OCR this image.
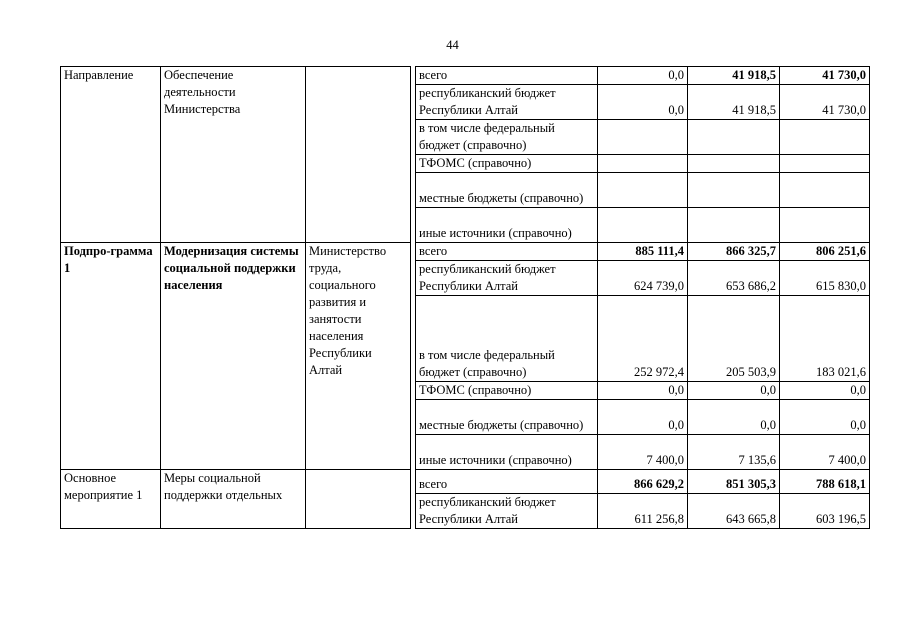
44
Направление	Обеспечение деятельности Министерства			всего	0,0	41 918,5	41 730,0
				республиканский бюджет Республики Алтай	0,0	41 918,5	41 730,0
				в том числе федеральный бюджет (справочно)			
				ТФОМС (справочно)			
				местные бюджеты (справочно)			
				иные источники (справочно)			
Подпро-грамма 1	Модернизация системы социальной поддержки населения	Министерство труда, социального развития и занятости населения Республики Алтай		всего	885 111,4	866 325,7	806 251,6
				республиканский бюджет Республики Алтай	624 739,0	653 686,2	615 830,0
				в том числе федеральный бюджет (справочно)	252 972,4	205 503,9	183 021,6
				ТФОМС (справочно)	0,0	0,0	0,0
				местные бюджеты (справочно)	0,0	0,0	0,0
				иные источники (справочно)	7 400,0	7 135,6	7 400,0
Основное мероприятие 1	Меры социальной поддержки отдельных			всего	866 629,2	851 305,3	788 618,1
				республиканский бюджет Республики Алтай	611 256,8	643 665,8	603 196,5
